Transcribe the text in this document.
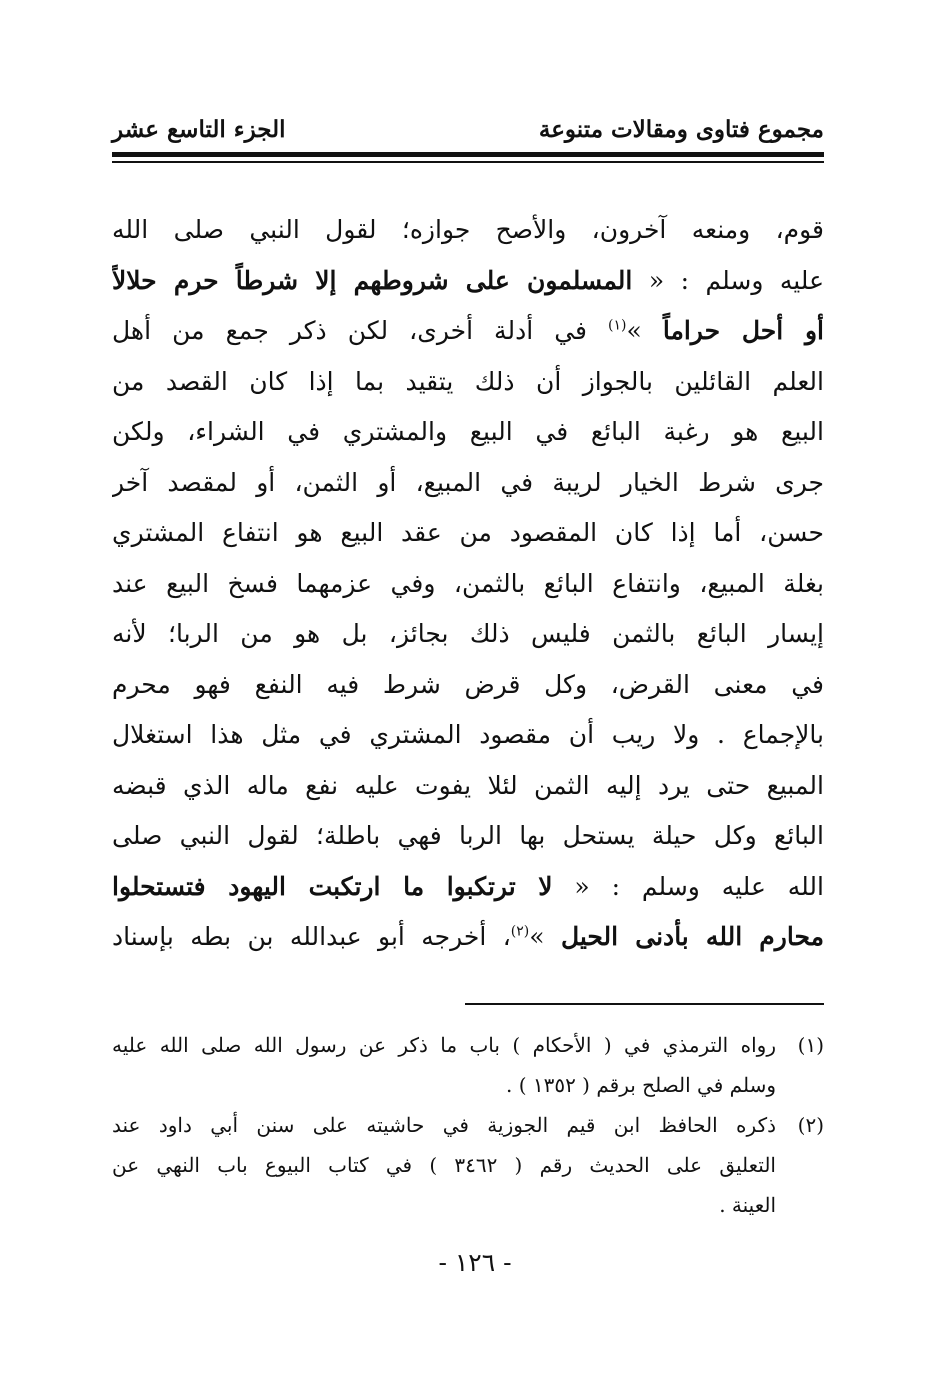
مجموع فتاوى ومقالات متنوعة
الجزء التاسع عشر
قوم، ومنعه آخرون، والأصح جوازه؛ لقول النبي صلى الله
عليه وسلم : « المسلمون على شروطهم إلا شرطاً حرم حلالاً
أو أحل حراماً »$^{(١)}$ في أدلة أخرى، لكن ذكر جمع من أهل
العلم القائلين بالجواز أن ذلك يتقيد بما إذا كان القصد من
البيع هو رغبة البائع في البيع والمشتري في الشراء، ولكن
جرى شرط الخيار لريبة في المبيع، أو الثمن، أو لمقصد آخر
حسن، أما إذا كان المقصود من عقد البيع هو انتفاع المشتري
بغلة المبيع، وانتفاع البائع بالثمن، وفي عزمهما فسخ البيع عند
إيسار البائع بالثمن فليس ذلك بجائز، بل هو من الربا؛ لأنه
في معنى القرض، وكل قرض شرط فيه النفع فهو محرم
بالإجماع . ولا ريب أن مقصود المشتري في مثل هذا استغلال
المبيع حتى يرد إليه الثمن لئلا يفوت عليه نفع ماله الذي قبضه
البائع وكل حيلة يستحل بها الربا فهي باطلة؛ لقول النبي صلى
الله عليه وسلم : « لا ترتكبوا ما ارتكبت اليهود فتستحلوا
محارم الله بأدنى الحيل »$^{(٢)}$، أخرجه أبو عبدالله بن بطه بإسناد
(١)
رواه الترمذي في ( الأحكام ) باب ما ذكر عن رسول الله صلى الله عليه
وسلم في الصلح برقم ( ١٣٥٢ ) .
(٢)
ذكره الحافظ ابن قيم الجوزية في حاشيته على سنن أبي داود عند
التعليق على الحديث رقم ( ٣٤٦٢ ) في كتاب البيوع باب النهي عن
العينة .
- ١٢٦ -
